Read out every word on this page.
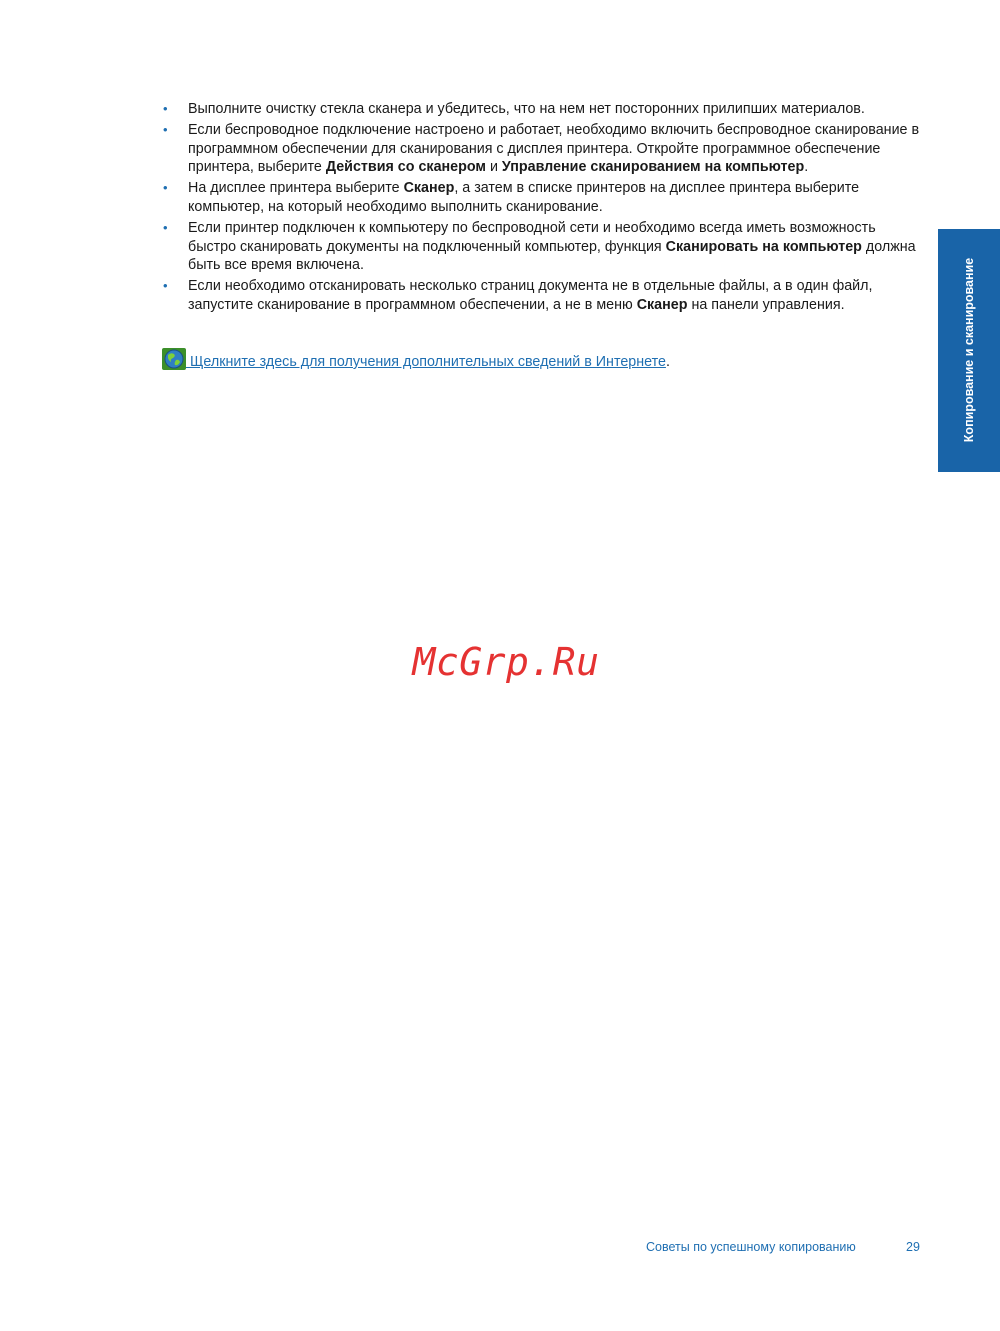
• Выполните очистку стекла сканера и убедитесь, что на нем нет посторонних прилипших материалов.
• Если беспроводное подключение настроено и работает, необходимо включить беспроводное сканирование в программном обеспечении для сканирования с дисплея принтера. Откройте программное обеспечение принтера, выберите Действия со сканером и Управление сканированием на компьютер.
• На дисплее принтера выберите Сканер, а затем в списке принтеров на дисплее принтера выберите компьютер, на который необходимо выполнить сканирование.
• Если принтер подключен к компьютеру по беспроводной сети и необходимо всегда иметь возможность быстро сканировать документы на подключенный компьютер, функция Сканировать на компьютер должна быть все время включена.
• Если необходимо отсканировать несколько страниц документа не в отдельные файлы, а в один файл, запустите сканирование в программном обеспечении, а не в меню Сканер на панели управления.
Щелкните здесь для получения дополнительных сведений в Интернете.
McGrp.Ru
Копирование и сканирование
Советы по успешному копированию	29
